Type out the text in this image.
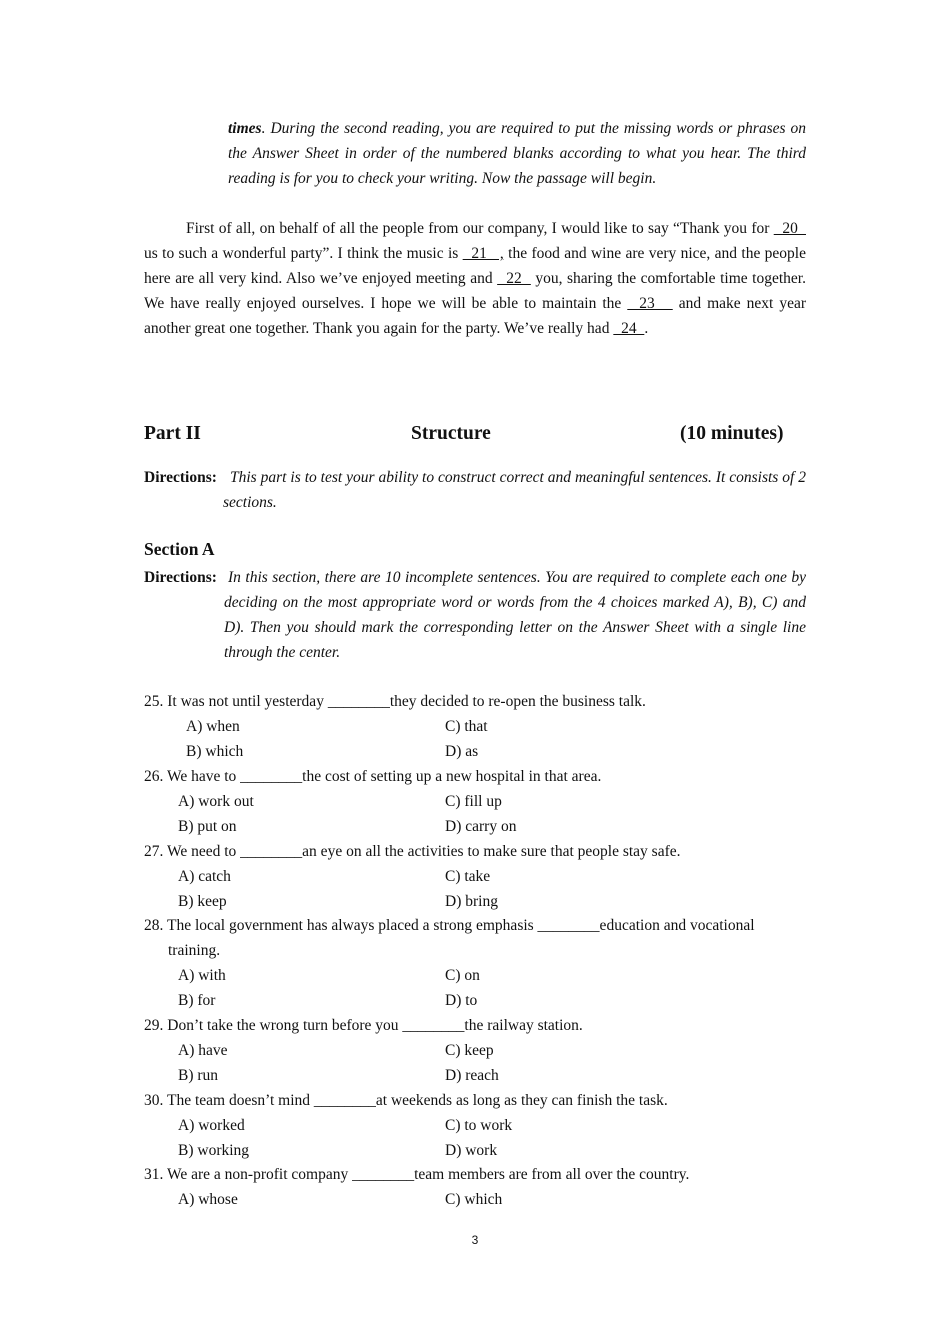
times. During the second reading, you are required to put the missing words or phrases on the Answer Sheet in order of the numbered blanks according to what you hear. The third reading is for you to check your writing. Now the passage will begin.
First of all, on behalf of all the people from our company, I would like to say “Thank you for   20   us to such a wonderful party”. I think the music is   21   , the food and wine are very nice, and the people here are all very kind. Also we’ve enjoyed meeting and   22   you, sharing the comfortable time together. We have really enjoyed ourselves. I hope we will be able to maintain the   23    and make next year another great one together. Thank you again for the party. We’ve really had   24  .
Part II	Structure	(10 minutes)
Directions: This part is to test your ability to construct correct and meaningful sentences. It consists of 2 sections.
Section A
Directions: In this section, there are 10 incomplete sentences. You are required to complete each one by deciding on the most appropriate word or words from the 4 choices marked A), B), C) and D). Then you should mark the corresponding letter on the Answer Sheet with a single line through the center.
25. It was not until yesterday ________they decided to re-open the business talk.
A) when	C) that
B) which	D) as
26. We have to ________the cost of setting up a new hospital in that area.
A) work out	C) fill up
B) put on	D) carry on
27. We need to ________an eye on all the activities to make sure that people stay safe.
A) catch	C) take
B) keep	D) bring
28. The local government has always placed a strong emphasis ________education and vocational
training.
A) with	C) on
B) for	D) to
29. Don’t take the wrong turn before you ________the railway station.
A) have	C) keep
B) run	D) reach
30. The team doesn’t mind ________at weekends as long as they can finish the task.
A) worked	C) to work
B) working	D) work
31. We are a non-profit company ________team members are from all over the country.
A) whose	C) which
3
